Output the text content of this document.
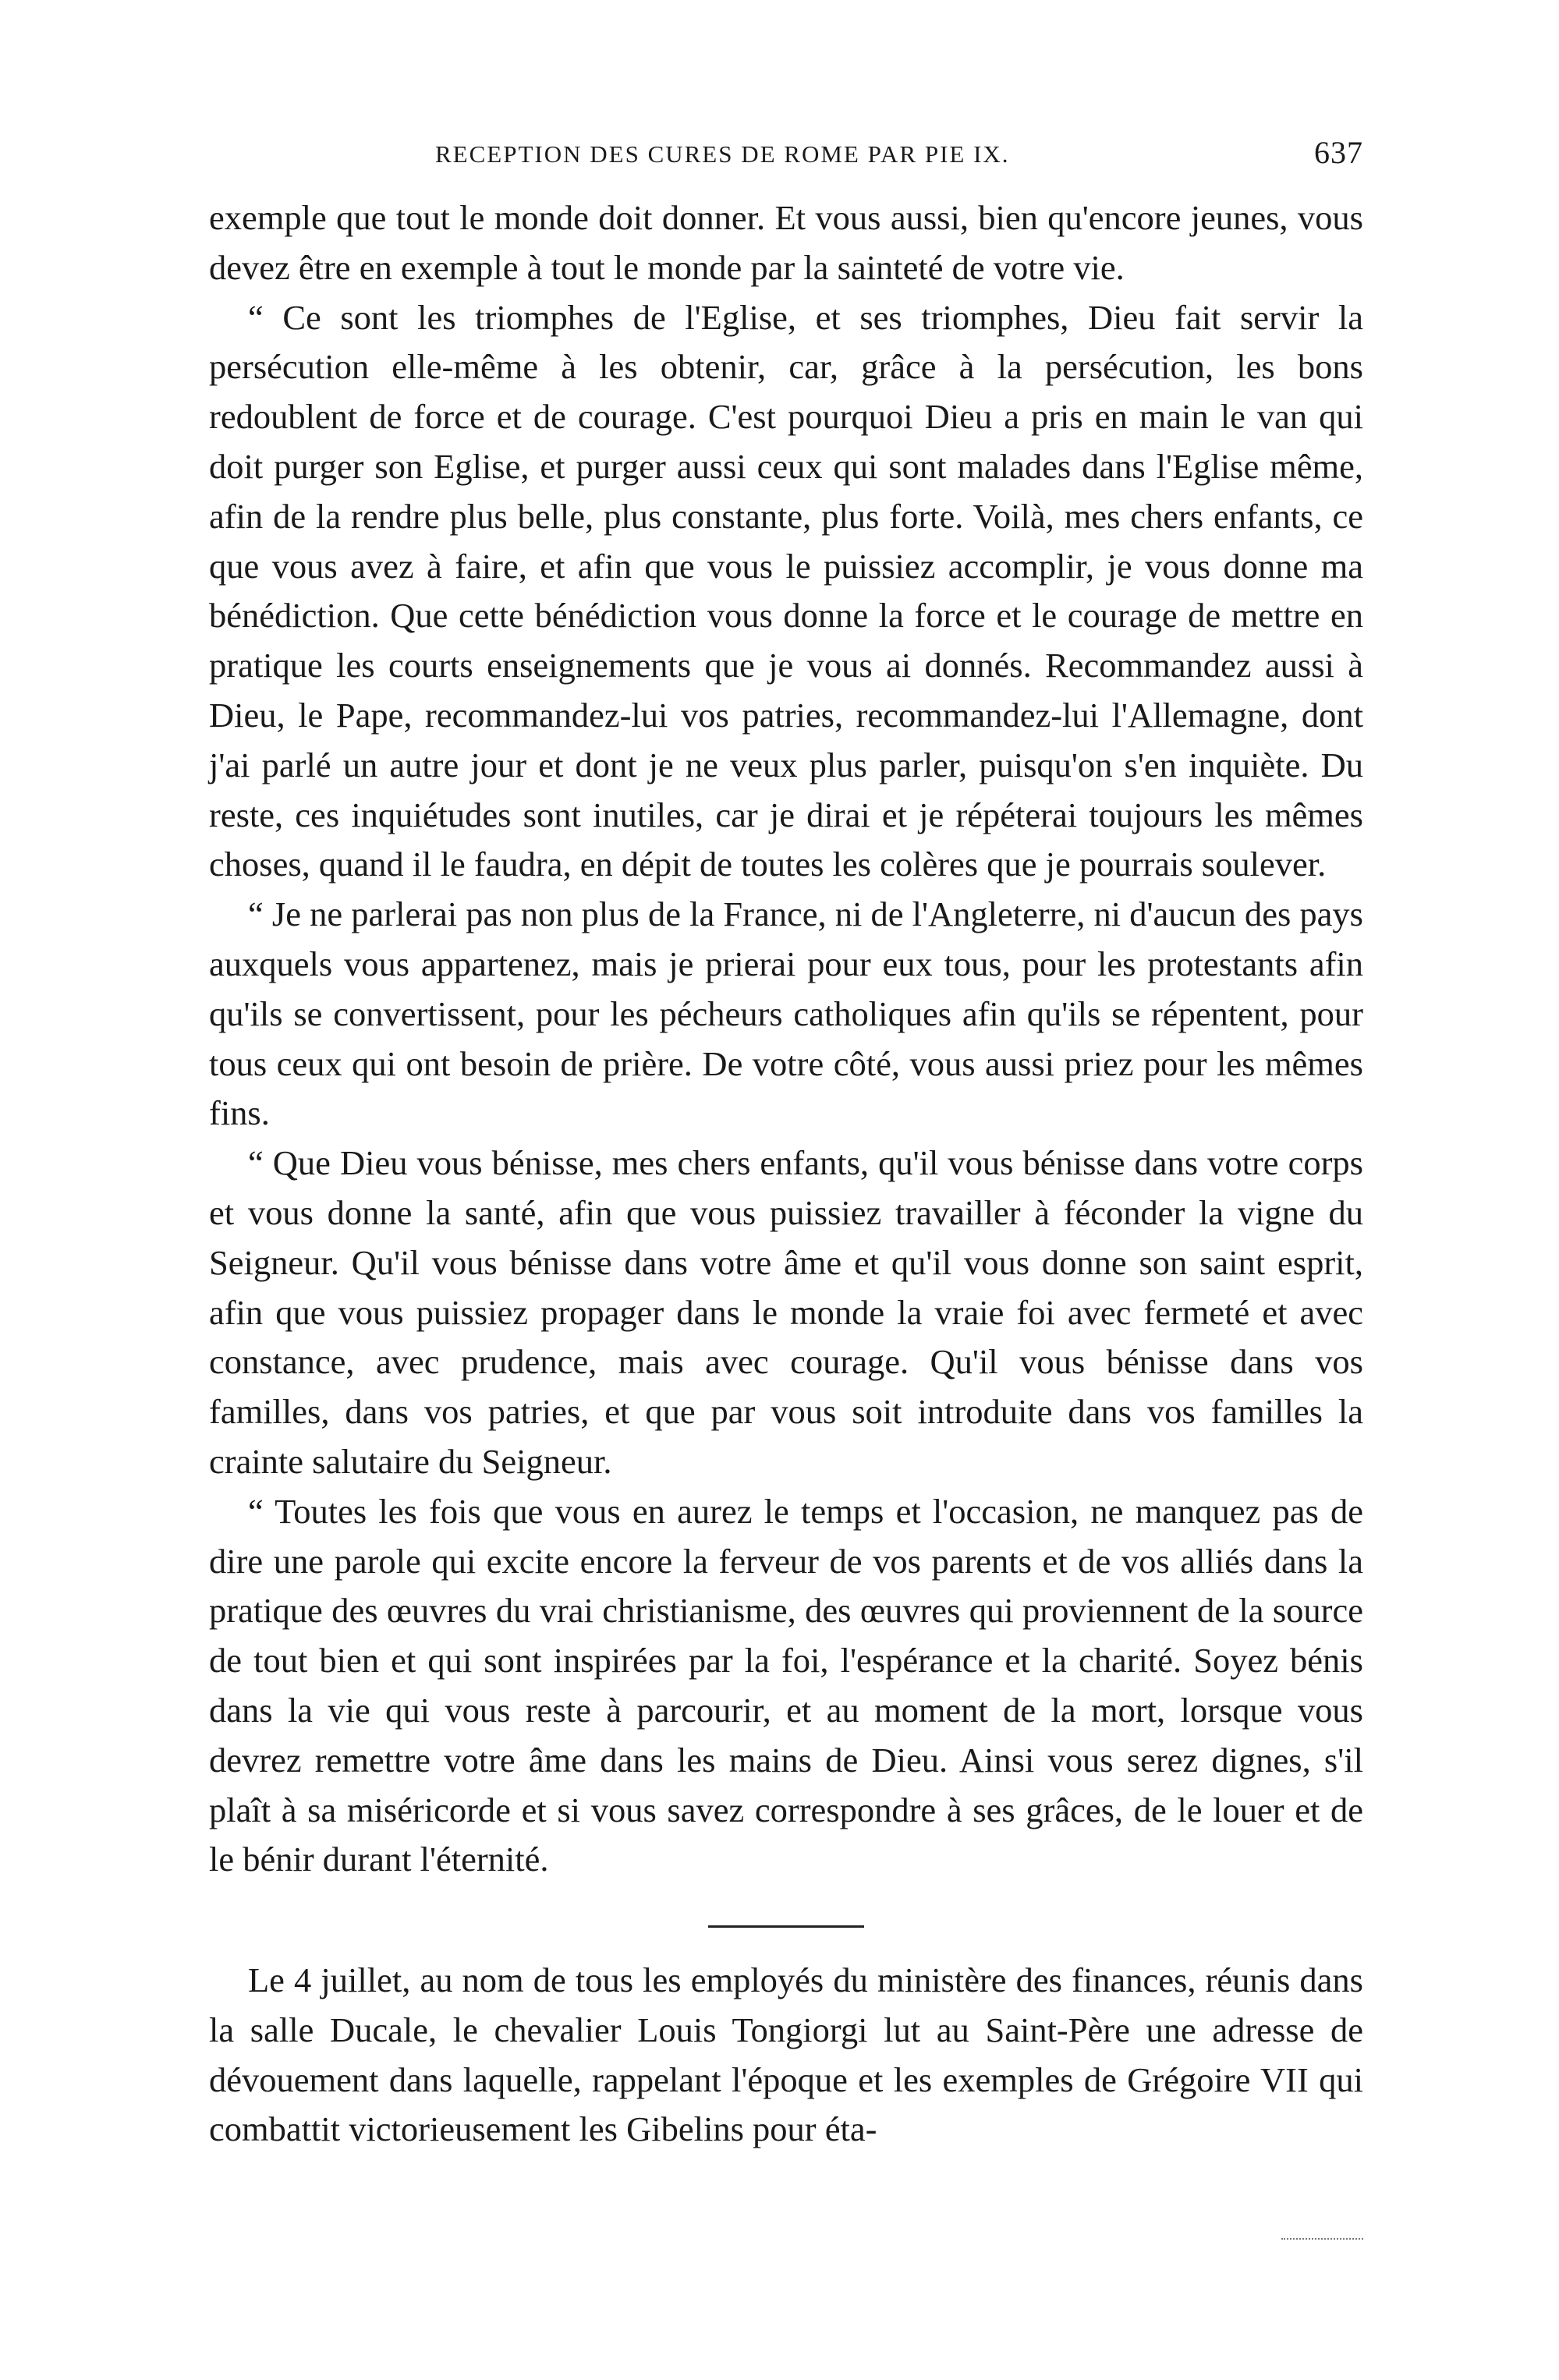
RECEPTION DES CURES DE ROME PAR PIE IX.	637

exemple que tout le monde doit donner. Et vous aussi, bien qu'encore jeunes, vous devez être en exemple à tout le monde par la sainteté de votre vie.

“ Ce sont les triomphes de l'Eglise, et ses triomphes, Dieu fait servir la persécution elle-même à les obtenir, car, grâce à la persécution, les bons redoublent de force et de courage. C'est pourquoi Dieu a pris en main le van qui doit purger son Eglise, et purger aussi ceux qui sont malades dans l'Eglise même, afin de la rendre plus belle, plus constante, plus forte. Voilà, mes chers enfants, ce que vous avez à faire, et afin que vous le puissiez accomplir, je vous donne ma bénédiction. Que cette bénédiction vous donne la force et le courage de mettre en pratique les courts enseignements que je vous ai donnés. Recommandez aussi à Dieu, le Pape, recommandez-lui vos patries, recommandez-lui l'Allemagne, dont j'ai parlé un autre jour et dont je ne veux plus parler, puisqu'on s'en inquiète. Du reste, ces inquiétudes sont inutiles, car je dirai et je répéterai toujours les mêmes choses, quand il le faudra, en dépit de toutes les colères que je pourrais soulever.

“ Je ne parlerai pas non plus de la France, ni de l'Angleterre, ni d'aucun des pays auxquels vous appartenez, mais je prierai pour eux tous, pour les protestants afin qu'ils se convertissent, pour les pécheurs catholiques afin qu'ils se répentent, pour tous ceux qui ont besoin de prière. De votre côté, vous aussi priez pour les mêmes fins.

“ Que Dieu vous bénisse, mes chers enfants, qu'il vous bénisse dans votre corps et vous donne la santé, afin que vous puissiez travailler à féconder la vigne du Seigneur. Qu'il vous bénisse dans votre âme et qu'il vous donne son saint esprit, afin que vous puissiez propager dans le monde la vraie foi avec fermeté et avec constance, avec prudence, mais avec courage. Qu'il vous bénisse dans vos familles, dans vos patries, et que par vous soit introduite dans vos familles la crainte salutaire du Seigneur.

“ Toutes les fois que vous en aurez le temps et l'occasion, ne manquez pas de dire une parole qui excite encore la ferveur de vos parents et de vos alliés dans la pratique des œuvres du vrai christianisme, des œuvres qui proviennent de la source de tout bien et qui sont inspirées par la foi, l'espérance et la charité. Soyez bénis dans la vie qui vous reste à parcourir, et au moment de la mort, lorsque vous devrez remettre votre âme dans les mains de Dieu. Ainsi vous serez dignes, s'il plaît à sa miséricorde et si vous savez correspondre à ses grâces, de le louer et de le bénir durant l'éternité.

Le 4 juillet, au nom de tous les employés du ministère des finances, réunis dans la salle Ducale, le chevalier Louis Tongiorgi lut au Saint-Père une adresse de dévouement dans laquelle, rappelant l'époque et les exemples de Grégoire VII qui combattit victorieusement les Gibelins pour éta-
